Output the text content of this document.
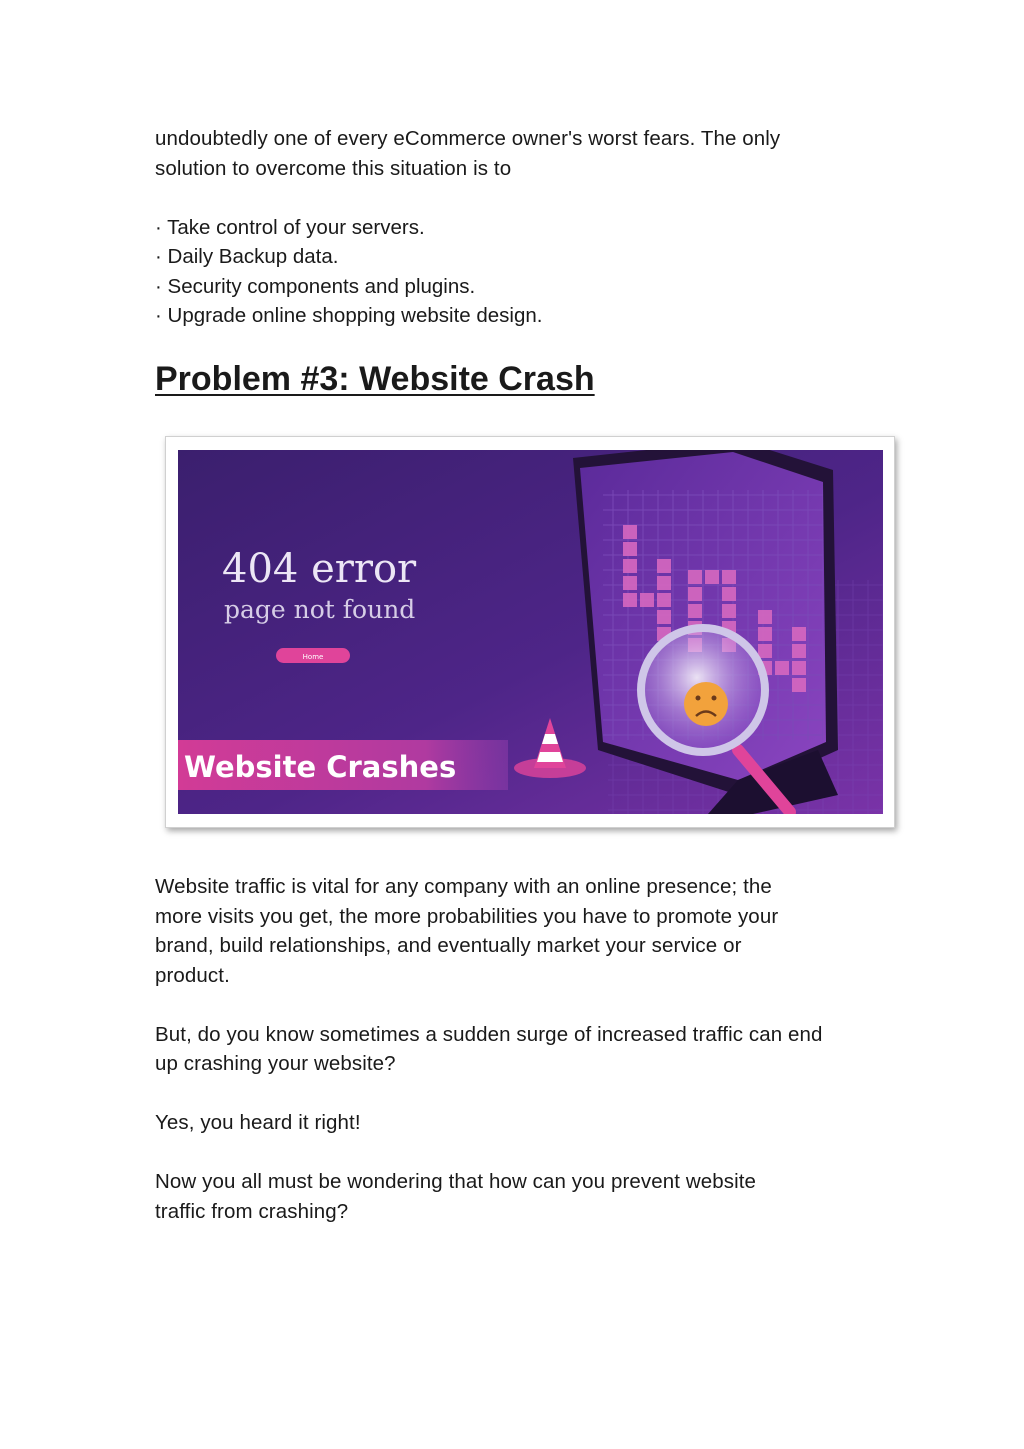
undoubtedly one of every eCommerce owner's worst fears. The only
solution to overcome this situation is to

· Take control of your servers.
· Daily Backup data.
· Security components and plugins.
· Upgrade online shopping website design.
Problem #3: Website Crash
404 error
page not found
Home
Website Crashes

Website traffic is vital for any company with an online presence; the
more visits you get, the more probabilities you have to promote your
brand, build relationships, and eventually market your service or
product.

But, do you know sometimes a sudden surge of increased traffic can end
up crashing your website?

Yes, you heard it right!

Now you all must be wondering that how can you prevent website
traffic from crashing?
